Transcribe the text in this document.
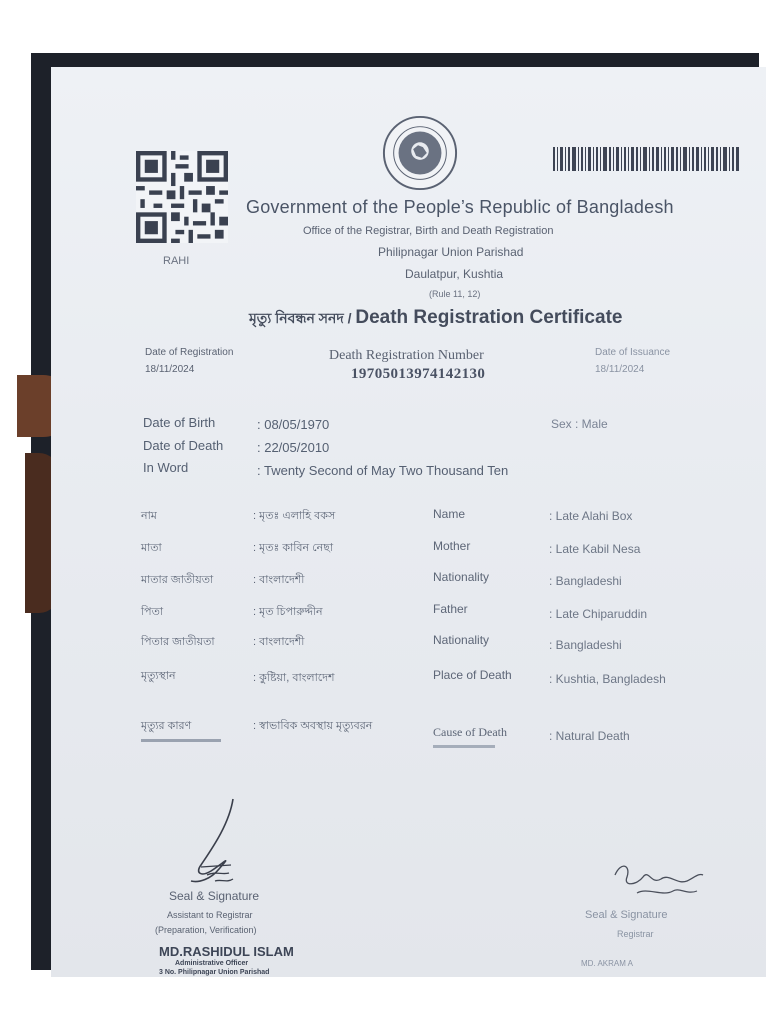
RAHI
Government of the People’s Republic of Bangladesh
Office of the Registrar, Birth and Death Registration
Philipnagar Union Parishad
Daulatpur, Kushtia
(Rule 11, 12)
মৃত্যু নিবন্ধন সনদ / Death Registration Certificate
Date of Registration
18/11/2024
Death Registration Number
19705013974142130
Date of Issuance
18/11/2024
Date of Birth	: 08/05/1970
Date of Death	: 22/05/2010
In Word	: Twenty Second of May Two Thousand Ten
Sex : Male
নাম	: মৃতঃ এলাহি বকস	Name	: Late Alahi Box
মাতা	: মৃতঃ কাবিন নেছা	Mother	: Late Kabil Nesa
মাতার জাতীয়তা	: বাংলাদেশী	Nationality	: Bangladeshi
পিতা	: মৃত চিপারুদ্দীন	Father	: Late Chiparuddin
পিতার জাতীয়তা	: বাংলাদেশী	Nationality	: Bangladeshi
মৃত্যুস্থান	: কুষ্টিয়া, বাংলাদেশ	Place of Death	: Kushtia, Bangladesh
মৃত্যুর কারণ	: স্বাভাবিক অবস্থায় মৃত্যুবরন	Cause of Death	: Natural Death
Seal & Signature
Assistant to Registrar
(Preparation, Verification)
MD.RASHIDUL ISLAM
Administrative Officer
3 No. Philipnagar Union Parishad
Seal & Signature
Registrar
MD. AKRAM A
